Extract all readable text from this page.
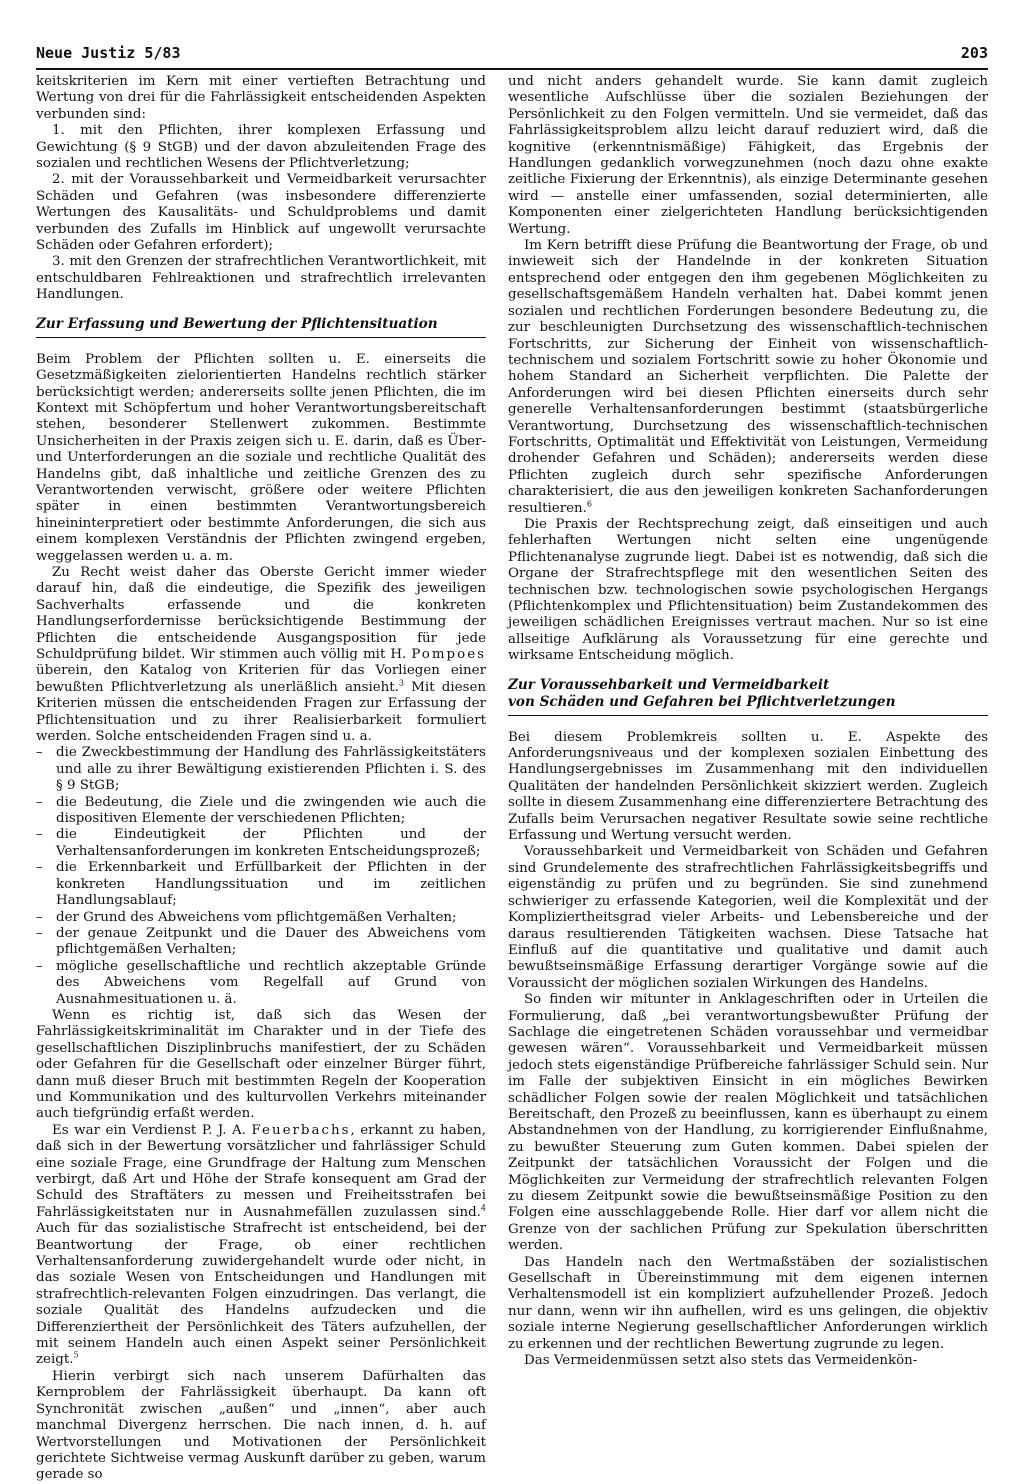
Neue Justiz 5/83	203

keitskriterien im Kern mit einer vertieften Betrachtung und Wertung von drei für die Fahrlässigkeit entscheidenden Aspekten verbunden sind:

1. mit den Pflichten, ihrer komplexen Erfassung und Gewichtung (§ 9 StGB) und der davon abzuleitenden Frage des sozialen und rechtlichen Wesens der Pflichtverletzung;

2. mit der Voraussehbarkeit und Vermeidbarkeit verursachter Schäden und Gefahren (was insbesondere differenzierte Wertungen des Kausalitäts- und Schuldproblems und damit verbunden des Zufalls im Hinblick auf ungewollt verursachte Schäden oder Gefahren erfordert);

3. mit den Grenzen der strafrechtlichen Verantwortlichkeit, mit entschuldbaren Fehlreaktionen und strafrechtlich irrelevanten Handlungen.

Zur Erfassung und Bewertung der Pflichtensituation

Beim Problem der Pflichten sollten u. E. einerseits die Gesetzmäßigkeiten zielorientierten Handelns rechtlich stärker berücksichtigt werden; andererseits sollte jenen Pflichten, die im Kontext mit Schöpfertum und hoher Verantwortungsbereitschaft stehen, besonderer Stellenwert zukommen. Bestimmte Unsicherheiten in der Praxis zeigen sich u. E. darin, daß es Über- und Unterforderungen an die soziale und rechtliche Qualität des Handelns gibt, daß inhaltliche und zeitliche Grenzen des zu Verantwortenden verwischt, größere oder weitere Pflichten später in einen bestimmten Verantwortungsbereich hineininterpretiert oder bestimmte Anforderungen, die sich aus einem komplexen Verständnis der Pflichten zwingend ergeben, weggelassen werden u. a. m.

Zu Recht weist daher das Oberste Gericht immer wieder darauf hin, daß die eindeutige, die Spezifik des jeweiligen Sachverhalts erfassende und die konkreten Handlungserfordernisse berücksichtigende Bestimmung der Pflichten die entscheidende Ausgangsposition für jede Schuldprüfung bildet. Wir stimmen auch völlig mit H. Pompoes überein, den Katalog von Kriterien für das Vorliegen einer bewußten Pflichtverletzung als unerläßlich ansieht.$^3$ Mit diesen Kriterien müssen die entscheidenden Fragen zur Erfassung der Pflichtensituation und zu ihrer Realisierbarkeit formuliert werden. Solche entscheidenden Fragen sind u. a.

– die Zweckbestimmung der Handlung des Fahrlässigkeitstäters und alle zu ihrer Bewältigung existierenden Pflichten i. S. des § 9 StGB;
– die Bedeutung, die Ziele und die zwingenden wie auch die dispositiven Elemente der verschiedenen Pflichten;
– die Eindeutigkeit der Pflichten und der Verhaltensanforderungen im konkreten Entscheidungsprozeß;
– die Erkennbarkeit und Erfüllbarkeit der Pflichten in der konkreten Handlungssituation und im zeitlichen Handlungsablauf;
– der Grund des Abweichens vom pflichtgemäßen Verhalten;
– der genaue Zeitpunkt und die Dauer des Abweichens vom pflichtgemäßen Verhalten;
– mögliche gesellschaftliche und rechtlich akzeptable Gründe des Abweichens vom Regelfall auf Grund von Ausnahmesituationen u. ä.

Wenn es richtig ist, daß sich das Wesen der Fahrlässigkeitskriminalität im Charakter und in der Tiefe des gesellschaftlichen Disziplinbruchs manifestiert, der zu Schäden oder Gefahren für die Gesellschaft oder einzelner Bürger führt, dann muß dieser Bruch mit bestimmten Regeln der Kooperation und Kommunikation und des kulturvollen Verkehrs miteinander auch tiefgründig erfaßt werden.

Es war ein Verdienst P. J. A. Feuerbachs, erkannt zu haben, daß sich in der Bewertung vorsätzlicher und fahrlässiger Schuld eine soziale Frage, eine Grundfrage der Haltung zum Menschen verbirgt, daß Art und Höhe der Strafe konsequent am Grad der Schuld des Straftäters zu messen und Freiheitsstrafen bei Fahrlässigkeitstaten nur in Ausnahmefällen zuzulassen sind.$^4$ Auch für das sozialistische Strafrecht ist entscheidend, bei der Beantwortung der Frage, ob einer rechtlichen Verhaltensanforderung zuwidergehandelt wurde oder nicht, in das soziale Wesen von Entscheidungen und Handlungen mit strafrechtlich-relevanten Folgen einzudringen. Das verlangt, die soziale Qualität des Handelns aufzudecken und die Differenziertheit der Persönlichkeit des Täters aufzuhellen, der mit seinem Handeln auch einen Aspekt seiner Persönlichkeit zeigt.$^5$

Hierin verbirgt sich nach unserem Dafürhalten das Kernproblem der Fahrlässigkeit überhaupt. Da kann oft Synchronität zwischen „außen“ und „innen“, aber auch manchmal Divergenz herrschen. Die nach innen, d. h. auf Wertvorstellungen und Motivationen der Persönlichkeit gerichtete Sichtweise vermag Auskunft darüber zu geben, warum gerade so

und nicht anders gehandelt wurde. Sie kann damit zugleich wesentliche Aufschlüsse über die sozialen Beziehungen der Persönlichkeit zu den Folgen vermitteln. Und sie vermeidet, daß das Fahrlässigkeitsproblem allzu leicht darauf reduziert wird, daß die kognitive (erkenntnismäßige) Fähigkeit, das Ergebnis der Handlungen gedanklich vorwegzunehmen (noch dazu ohne exakte zeitliche Fixierung der Erkenntnis), als einzige Determinante gesehen wird — anstelle einer umfassenden, sozial determinierten, alle Komponenten einer zielgerichteten Handlung berücksichtigenden Wertung.

Im Kern betrifft diese Prüfung die Beantwortung der Frage, ob und inwieweit sich der Handelnde in der konkreten Situation entsprechend oder entgegen den ihm gegebenen Möglichkeiten zu gesellschaftsgemäßem Handeln verhalten hat. Dabei kommt jenen sozialen und rechtlichen Forderungen besondere Bedeutung zu, die zur beschleunigten Durchsetzung des wissenschaftlich-technischen Fortschritts, zur Sicherung der Einheit von wissenschaftlich-technischem und sozialem Fortschritt sowie zu hoher Ökonomie und hohem Standard an Sicherheit verpflichten. Die Palette der Anforderungen wird bei diesen Pflichten einerseits durch sehr generelle Verhaltensanforderungen bestimmt (staatsbürgerliche Verantwortung, Durchsetzung des wissenschaftlich-technischen Fortschritts, Optimalität und Effektivität von Leistungen, Vermeidung drohender Gefahren und Schäden); andererseits werden diese Pflichten zugleich durch sehr spezifische Anforderungen charakterisiert, die aus den jeweiligen konkreten Sachanforderungen resultieren.$^6$

Die Praxis der Rechtsprechung zeigt, daß einseitigen und auch fehlerhaften Wertungen nicht selten eine ungenügende Pflichtenanalyse zugrunde liegt. Dabei ist es notwendig, daß sich die Organe der Strafrechtspflege mit den wesentlichen Seiten des technischen bzw. technologischen sowie psychologischen Hergangs (Pflichtenkomplex und Pflichtensituation) beim Zustandekommen des jeweiligen schädlichen Ereignisses vertraut machen. Nur so ist eine allseitige Aufklärung als Voraussetzung für eine gerechte und wirksame Entscheidung möglich.

Zur Voraussehbarkeit und Vermeidbarkeit
von Schäden und Gefahren bei Pflichtverletzungen

Bei diesem Problemkreis sollten u. E. Aspekte des Anforderungsniveaus und der komplexen sozialen Einbettung des Handlungsergebnisses im Zusammenhang mit den individuellen Qualitäten der handelnden Persönlichkeit skizziert werden. Zugleich sollte in diesem Zusammenhang eine differenziertere Betrachtung des Zufalls beim Verursachen negativer Resultate sowie seine rechtliche Erfassung und Wertung versucht werden.

Voraussehbarkeit und Vermeidbarkeit von Schäden und Gefahren sind Grundelemente des strafrechtlichen Fahrlässigkeitsbegriffs und eigenständig zu prüfen und zu begründen. Sie sind zunehmend schwieriger zu erfassende Kategorien, weil die Komplexität und der Kompliziertheitsgrad vieler Arbeits- und Lebensbereiche und der daraus resultierenden Tätigkeiten wachsen. Diese Tatsache hat Einfluß auf die quantitative und qualitative und damit auch bewußtseinsmäßige Erfassung derartiger Vorgänge sowie auf die Voraussicht der möglichen sozialen Wirkungen des Handelns.

So finden wir mitunter in Anklageschriften oder in Urteilen die Formulierung, daß „bei verantwortungsbewußter Prüfung der Sachlage die eingetretenen Schäden voraussehbar und vermeidbar gewesen wären“. Voraussehbarkeit und Vermeidbarkeit müssen jedoch stets eigenständige Prüfbereiche fahrlässiger Schuld sein. Nur im Falle der subjektiven Einsicht in ein mögliches Bewirken schädlicher Folgen sowie der realen Möglichkeit und tatsächlichen Bereitschaft, den Prozeß zu beeinflussen, kann es überhaupt zu einem Abstandnehmen von der Handlung, zu korrigierender Einflußnahme, zu bewußter Steuerung zum Guten kommen. Dabei spielen der Zeitpunkt der tatsächlichen Voraussicht der Folgen und die Möglichkeiten zur Vermeidung der strafrechtlich relevanten Folgen zu diesem Zeitpunkt sowie die bewußtseinsmäßige Position zu den Folgen eine ausschlaggebende Rolle. Hier darf vor allem nicht die Grenze von der sachlichen Prüfung zur Spekulation überschritten werden.

Das Handeln nach den Wertmaßstäben der sozialistischen Gesellschaft in Übereinstimmung mit dem eigenen internen Verhaltensmodell ist ein kompliziert aufzuhellender Prozeß. Jedoch nur dann, wenn wir ihn aufhellen, wird es uns gelingen, die objektiv soziale interne Negierung gesellschaftlicher Anforderungen wirklich zu erkennen und der rechtlichen Bewertung zugrunde zu legen.

Das Vermeidenmüssen setzt also stets das Vermeidenkön-
